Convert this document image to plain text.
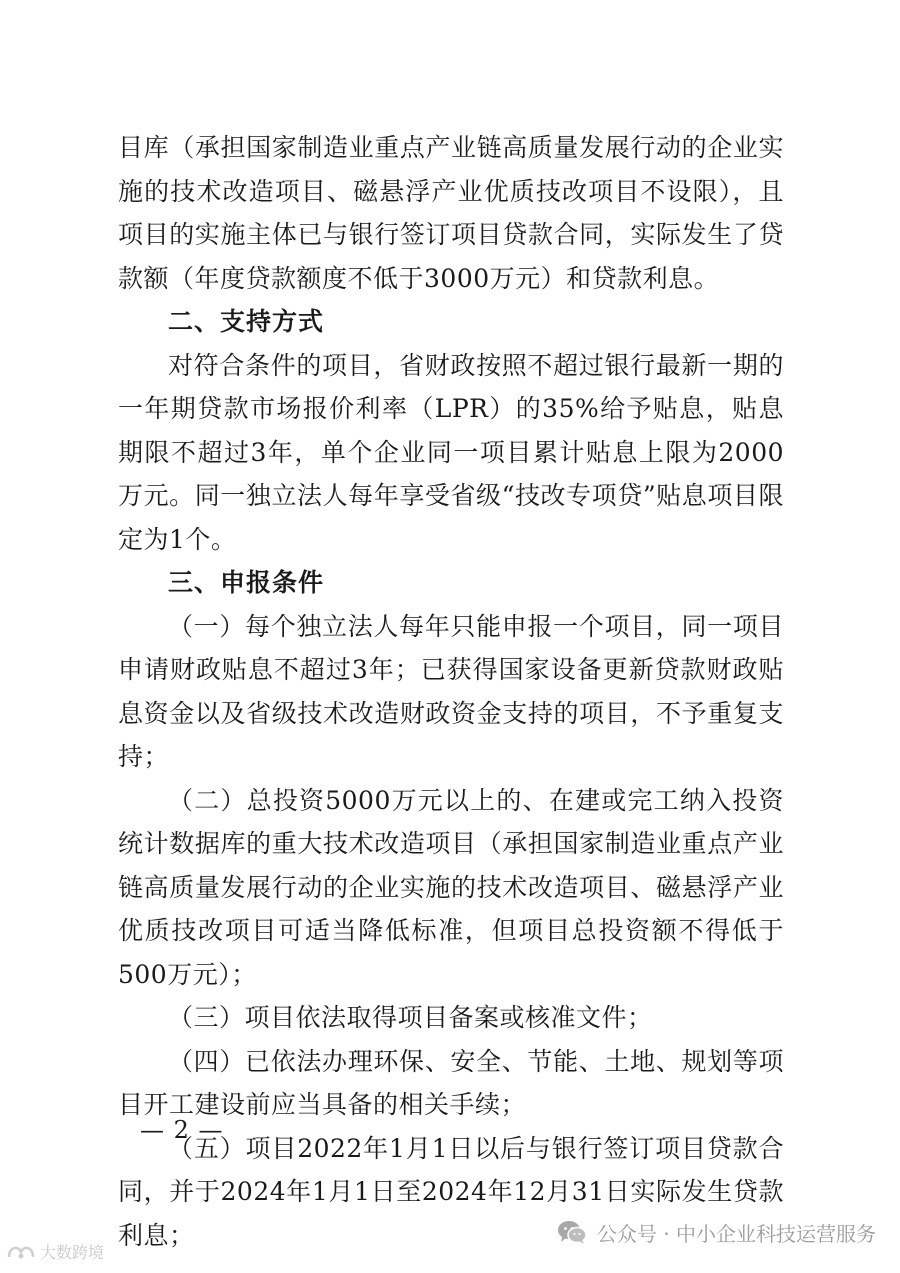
目库（承担国家制造业重点产业链高质量发展行动的企业实施的技术改造项目、磁悬浮产业优质技改项目不设限），且项目的实施主体已与银行签订项目贷款合同，实际发生了贷款额（年度贷款额度不低于3000万元）和贷款利息。

二、支持方式

对符合条件的项目，省财政按照不超过银行最新一期的一年期贷款市场报价利率（LPR）的35%给予贴息，贴息期限不超过3年，单个企业同一项目累计贴息上限为2000万元。同一独立法人每年享受省级“技改专项贷”贴息项目限定为1个。

三、申报条件

（一）每个独立法人每年只能申报一个项目，同一项目申请财政贴息不超过3年；已获得国家设备更新贷款财政贴息资金以及省级技术改造财政资金支持的项目，不予重复支持；

（二）总投资5000万元以上的、在建或完工纳入投资统计数据库的重大技术改造项目（承担国家制造业重点产业链高质量发展行动的企业实施的技术改造项目、磁悬浮产业优质技改项目可适当降低标准，但项目总投资额不得低于500万元）；

（三）项目依法取得项目备案或核准文件；

（四）已依法办理环保、安全、节能、土地、规划等项目开工建设前应当具备的相关手续；

（五）项目2022年1月1日以后与银行签订项目贷款合同，并于2024年1月1日至2024年12月31日实际发生贷款利息；

— 2 —
公众号 · 中小企业科技运营服务
大数跨境
